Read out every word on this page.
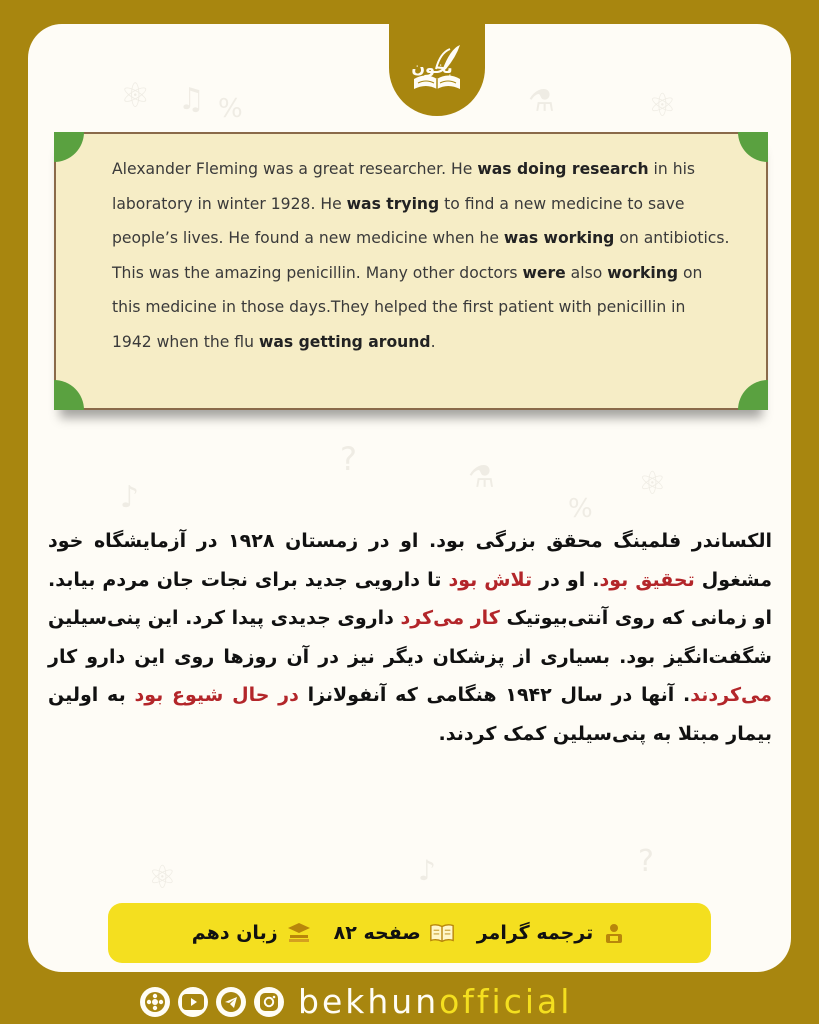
⚛ ♫	⚗
%	⚛
?
♪
⚗	⚛
%
⚛	?
♪
بخون
Alexander Fleming was a great researcher. He was doing research in his laboratory in winter 1928. He was trying to find a new medicine to save people’s lives. He found a new medicine when he was working on antibiotics. This was the amazing penicillin. Many other doctors were also working on this medicine in those days.They helped the first patient with penicillin in 1942 when the flu was getting around.
الکساندر فلمینگ محقق بزرگی بود. او در زمستان ۱۹۲۸ در آزمایشگاه خود مشغول تحقیق بود. او در تلاش بود تا دارویی جدید برای نجات جان مردم بیابد. او زمانی که روی آنتی‌بیوتیک کار می‌کرد داروی جدیدی پیدا کرد. این پنی‌سیلین شگفت‌انگیز بود. بسیاری از پزشکان دیگر نیز در آن روزها روی این دارو کار می‌کردند. آنها در سال ۱۹۴۲ هنگامی که آنفولانزا در حال شیوع بود به اولین بیمار مبتلا به پنی‌سیلین کمک کردند.
ترجمه گرامر
صفحه ۸۲
زبان دهم
bekhunofficial
